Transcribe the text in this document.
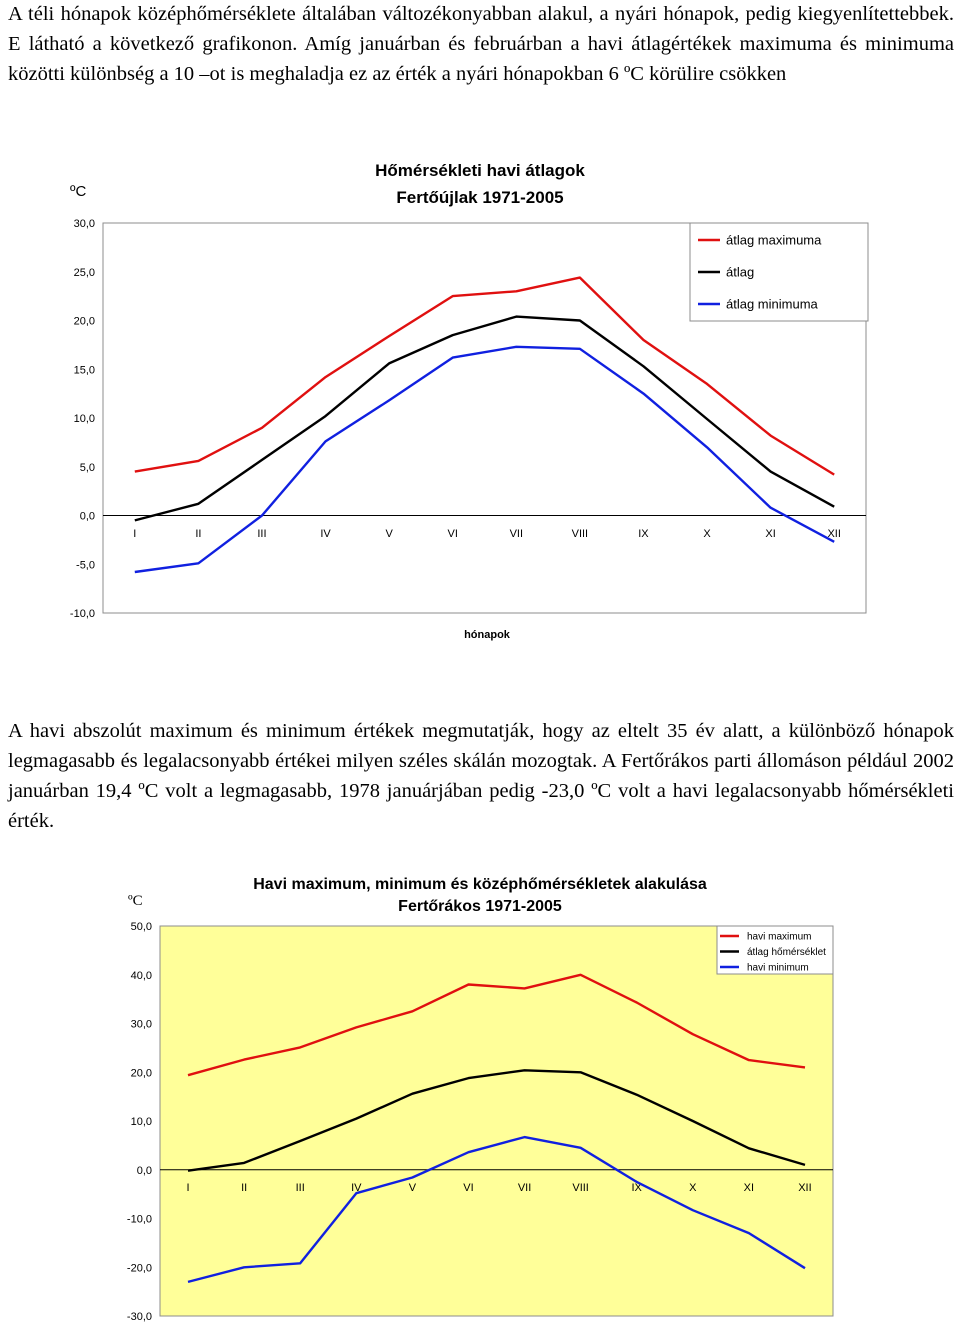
A téli hónapok középhőmérséklete általában változékonyabban alakul, a nyári hónapok, pedig kiegyenlítettebbek. E látható a következő grafikonon. Amíg januárban és februárban a havi átlagértékek maximuma és minimuma közötti különbség a 10 –ot is meghaladja ez az érték a nyári hónapokban 6 ºC körülire csökken

Hőmérsékleti havi átlagok
Fertőújlak 1971-2005
ºC
30,0
25,0
20,0
15,0
10,0
5,0
0,0
-5,0
-10,0
I	II	III	IV	V	VI	VII	VIII	IX	X	XI	XII
hónapok
átlag maximuma
átlag
átlag minimuma

A havi abszolút maximum és minimum értékek megmutatják, hogy az eltelt 35 év alatt, a különböző hónapok legmagasabb és legalacsonyabb értékei milyen széles skálán mozogtak. A Fertőrákos parti állomáson például 2002 januárban 19,4 ºC volt a legmagasabb, 1978 januárjában pedig -23,0 ºC volt a havi legalacsonyabb hőmérsékleti érték.

Havi maximum, minimum és középhőmérsékletek alakulása
Fertőrákos 1971-2005
ºC
50,0
40,0
30,0
20,0
10,0
0,0
-10,0
-20,0
-30,0
I	II	III	IV	V	VI	VII	VIII	IX	X	XI	XII
havi maximum
átlag hőmérséklet
havi minimum
